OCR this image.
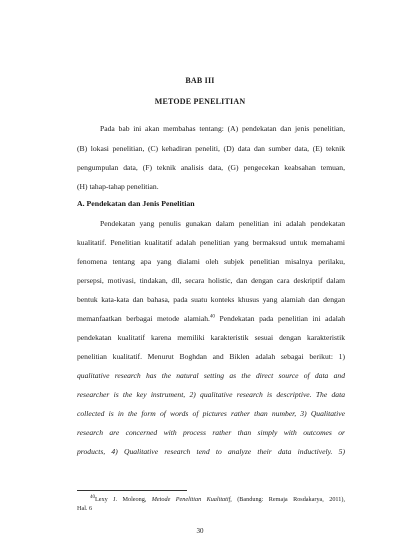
BAB III
METODE PENELITIAN
Pada bab ini akan membahas tentang: (A) pendekatan dan jenis penelitian,
(B) lokasi penelitian, (C) kehadiran peneliti, (D) data dan sumber data, (E) teknik
pengumpulan data, (F) teknik analisis data, (G) pengecekan keabsahan temuan,
(H) tahap-tahap penelitian.
A. Pendekatan dan Jenis Penelitian
Pendekatan yang penulis gunakan dalam penelitian ini adalah pendekatan
kualitatif. Penelitian kualitatif adalah penelitian yang bermaksud untuk memahami
fenomena tentang apa yang dialami oleh subjek penelitian misalnya perilaku,
persepsi, motivasi, tindakan, dll, secara holistic, dan dengan cara deskriptif dalam
bentuk kata-kata dan bahasa, pada suatu konteks khusus yang alamiah dan dengan
memanfaatkan berbagai metode alamiah.$^{40}$ Pendekatan pada penelitian ini adalah
pendekatan kualitatif karena memiliki karakteristik sesuai dengan karakteristik
penelitian kualitatif. Menurut Boghdan and Biklen adalah sebagai berikut: 1)
qualitative research has the natural setting as the direct source of data and
researcher is the key instrument, 2) qualitative research is descriptive. The data
collected is in the form of words of pictures rather than number, 3) Qualitative
research are concerned with process rather than simply with outcomes or
products, 4) Qualitative research tend to analyze their data inductively. 5)
$^{40}$Lexy J. Moleong, Metode Penelitian Kualitatif, (Bandung: Remaja Rosdakarya, 2011),
Hal. 6
30
